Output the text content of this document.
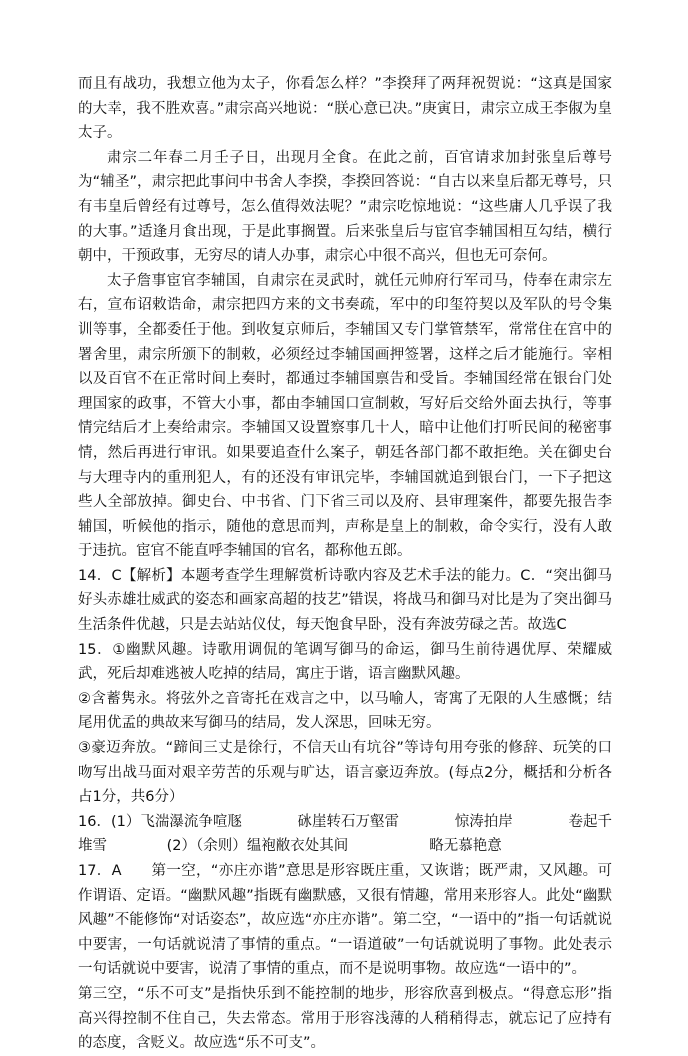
而且有战功，我想立他为太子，你看怎么样？”李揆拜了两拜祝贺说：“这真是国家的大幸，我不胜欢喜。”肃宗高兴地说：“朕心意已决。”庚寅日，肃宗立成王李俶为皇太子。

肃宗二年春二月壬子日，出现月全食。在此之前，百官请求加封张皇后尊号为“辅圣”，肃宗把此事问中书舍人李揆，李揆回答说：“自古以来皇后都无尊号，只有韦皇后曾经有过尊号，怎么值得效法呢？”肃宗吃惊地说：“这些庸人几乎误了我的大事。”适逢月食出现，于是此事搁置。后来张皇后与宦官李辅国相互勾结，横行朝中，干预政事，无穷尽的请人办事，肃宗心中很不高兴，但也无可奈何。

太子詹事宦官李辅国，自肃宗在灵武时，就任元帅府行军司马，侍奉在肃宗左右，宣布诏敕诰命，肃宗把四方来的文书奏疏，军中的印玺符契以及军队的号令集训等事，全都委任于他。到收复京师后，李辅国又专门掌管禁军，常常住在宫中的署舍里，肃宗所颁下的制敕，必须经过李辅国画押签署，这样之后才能施行。宰相以及百官不在正常时间上奏时，都通过李辅国禀告和受旨。李辅国经常在银台门处理国家的政事，不管大小事，都由李辅国口宣制敕，写好后交给外面去执行，等事情完结后才上奏给肃宗。李辅国又设置察事几十人，暗中让他们打听民间的秘密事情，然后再进行审讯。如果要追查什么案子，朝廷各部门都不敢拒绝。关在御史台与大理寺内的重刑犯人，有的还没有审讯完毕，李辅国就追到银台门，一下子把这些人全部放掉。御史台、中书省、门下省三司以及府、县审理案件，都要先报告李辅国，听候他的指示，随他的意思而判，声称是皇上的制敕，命令实行，没有人敢于违抗。宦官不能直呼李辅国的官名，都称他五郎。

14．C【解析】本题考查学生理解赏析诗歌内容及艺术手法的能力。C．“突出御马好头赤雄壮威武的姿态和画家高超的技艺”错误，将战马和御马对比是为了突出御马生活条件优越，只是去站站仪仗，每天饱食早卧，没有奔波劳碌之苦。故选C

15．①幽默风趣。诗歌用调侃的笔调写御马的命运，御马生前待遇优厚、荣耀威武，死后却难逃被人吃掉的结局，寓庄于谐，语言幽默风趣。

②含蓄隽永。将弦外之音寄托在戏言之中，以马喻人，寄寓了无限的人生感慨；结尾用优孟的典故来写御马的结局，发人深思，回味无穷。

③豪迈奔放。“蹄间三丈是徐行，不信天山有坑谷”等诗句用夸张的修辞、玩笑的口吻写出战马面对艰辛劳苦的乐观与旷达，语言豪迈奔放。(每点2分，概括和分析各占1分，共6分）

16．(1）飞湍瀑流争喧豗	砯崖转石万壑雷	惊涛拍岸	卷起千
堆雪	(2）（余则）缊袍敝衣处其间	略无慕艳意

17．A　　第一空，“亦庄亦谐”意思是形容既庄重，又诙谐；既严肃，又风趣。可作谓语、定语。“幽默风趣”指既有幽默感，又很有情趣，常用来形容人。此处“幽默风趣”不能修饰“对话姿态”，故应选“亦庄亦谐”。第二空，“一语中的”指一句话就说中要害，一句话就说清了事情的重点。“一语道破”一句话就说明了事物。此处表示一句话就说中要害，说清了事情的重点，而不是说明事物。故应选“一语中的”。

第三空，“乐不可支”是指快乐到不能控制的地步，形容欣喜到极点。“得意忘形”指高兴得控制不住自己，失去常态。常用于形容浅薄的人稍稍得志，就忘记了应持有的态度，含贬义。故应选“乐不可支”。
